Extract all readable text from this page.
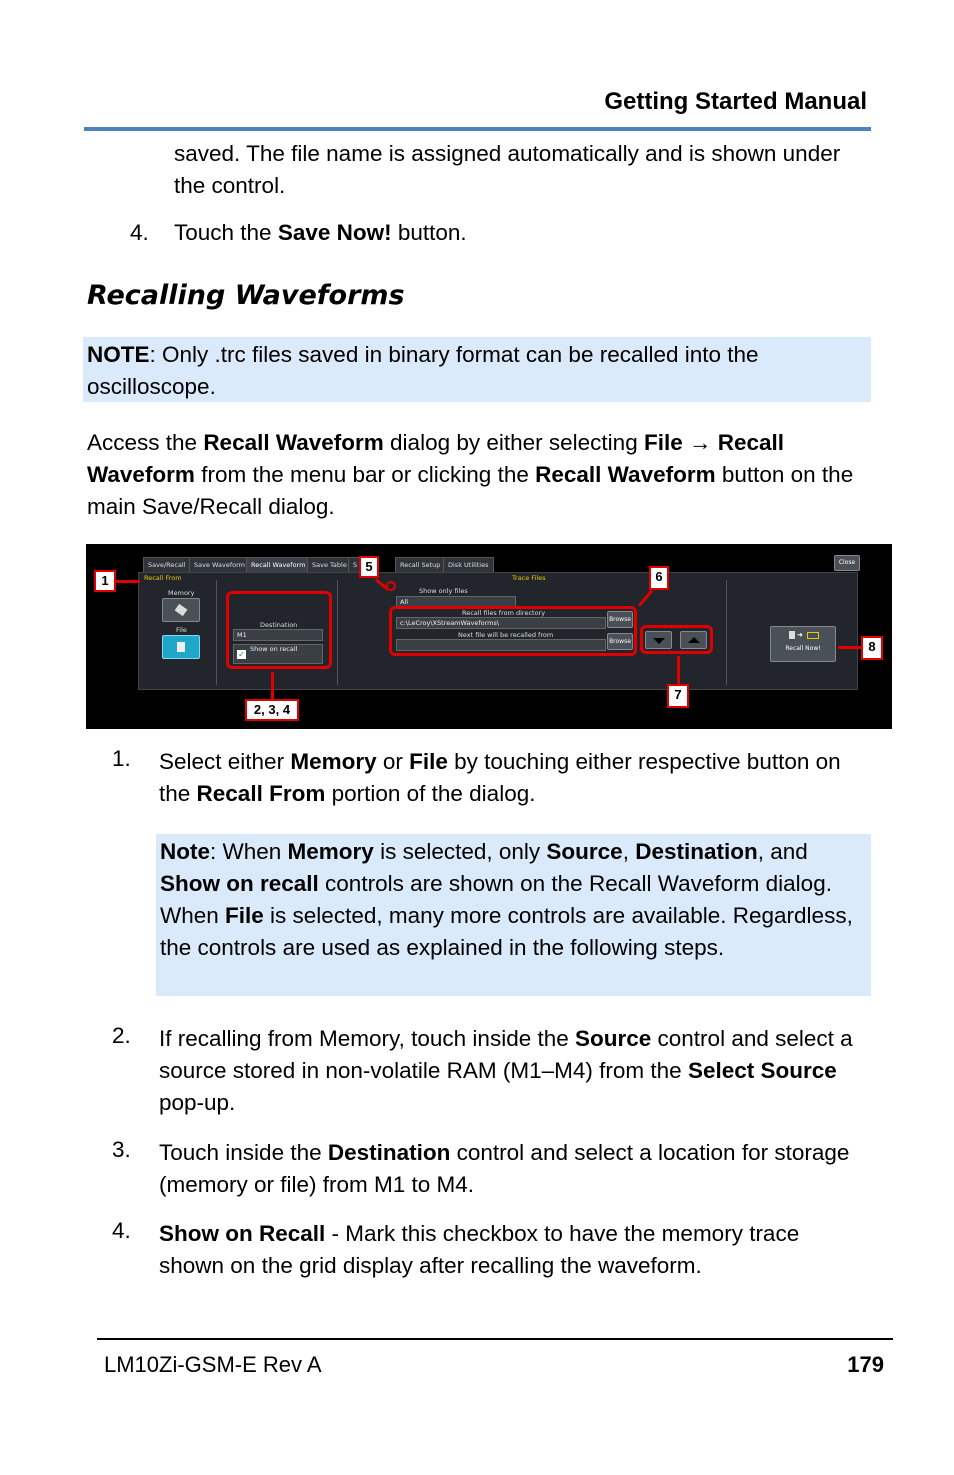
Getting Started Manual
saved. The file name is assigned automatically and is shown under the control.
4. Touch the Save Now! button.
Recalling Waveforms
NOTE: Only .trc files saved in binary format can be recalled into the oscilloscope.
Access the Recall Waveform dialog by either selecting File → Recall Waveform from the menu bar or clicking the Recall Waveform button on the main Save/Recall dialog.
Save/Recall	Save Waveform Recall Waveform	Save Table S	Recall Setup	Disk Utilities	Close
Recall From
Memory
File
Destination
M1
✓
Show on recall
Show only files
All
Trace Files
Recall files from directory
c:\LeCroy\XStreamWaveforms\
Next file will be recalled from
Browse
Browse
➜
Recall Now!
1
2, 3, 4
5
6
7
8
1. Select either Memory or File by touching either respective button on the Recall From portion of the dialog.
Note: When Memory is selected, only Source, Destination, and Show on recall controls are shown on the Recall Waveform dialog. When File is selected, many more controls are available. Regardless, the controls are used as explained in the following steps.
2. If recalling from Memory, touch inside the Source control and select a source stored in non-volatile RAM (M1–M4) from the Select Source pop-up.
3. Touch inside the Destination control and select a location for storage (memory or file) from M1 to M4.
4. Show on Recall - Mark this checkbox to have the memory trace shown on the grid display after recalling the waveform.
LM10Zi-GSM-E Rev A	179
